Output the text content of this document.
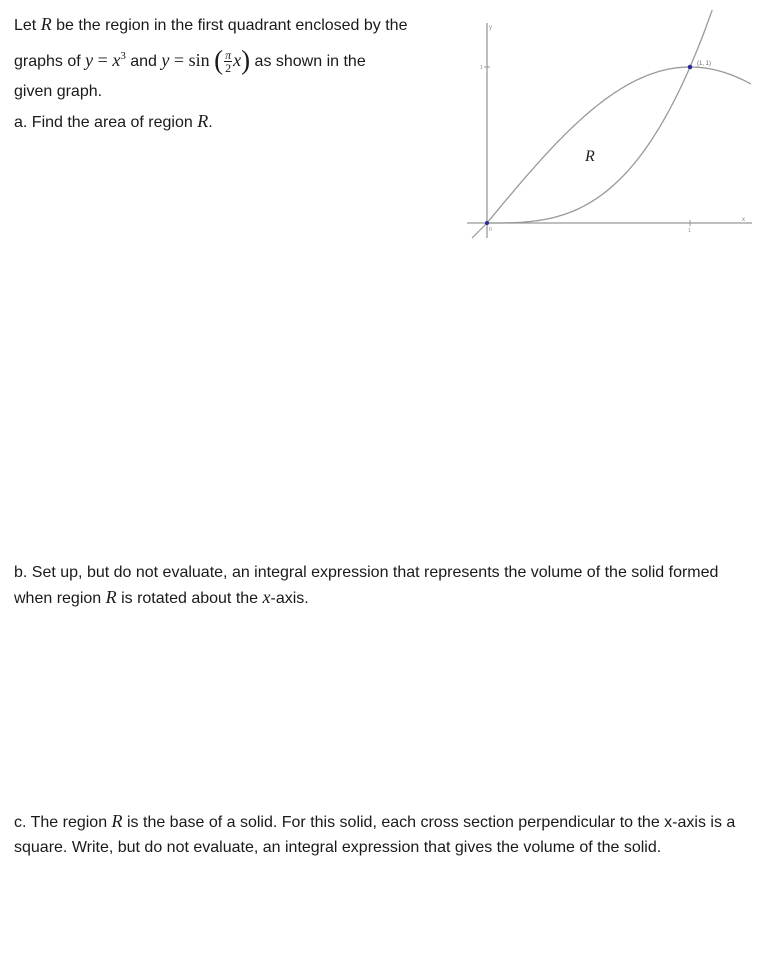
Let R be the region in the first quadrant enclosed by the
graphs of $y = x^3$ and y = sin ( $\frac{\pi}{2} x$) as shown in the
given graph.
a. Find the area of region R.
b. Set up, but do not evaluate, an integral expression that represents the volume of the solid formed when region R is rotated about the x-axis.
c. The region R is the base of a solid. For this solid, each cross section perpendicular to the x-axis is a square. Write, but do not evaluate, an integral expression that gives the volume of the solid.
(1, 1)
R
y
x
0
1
1
